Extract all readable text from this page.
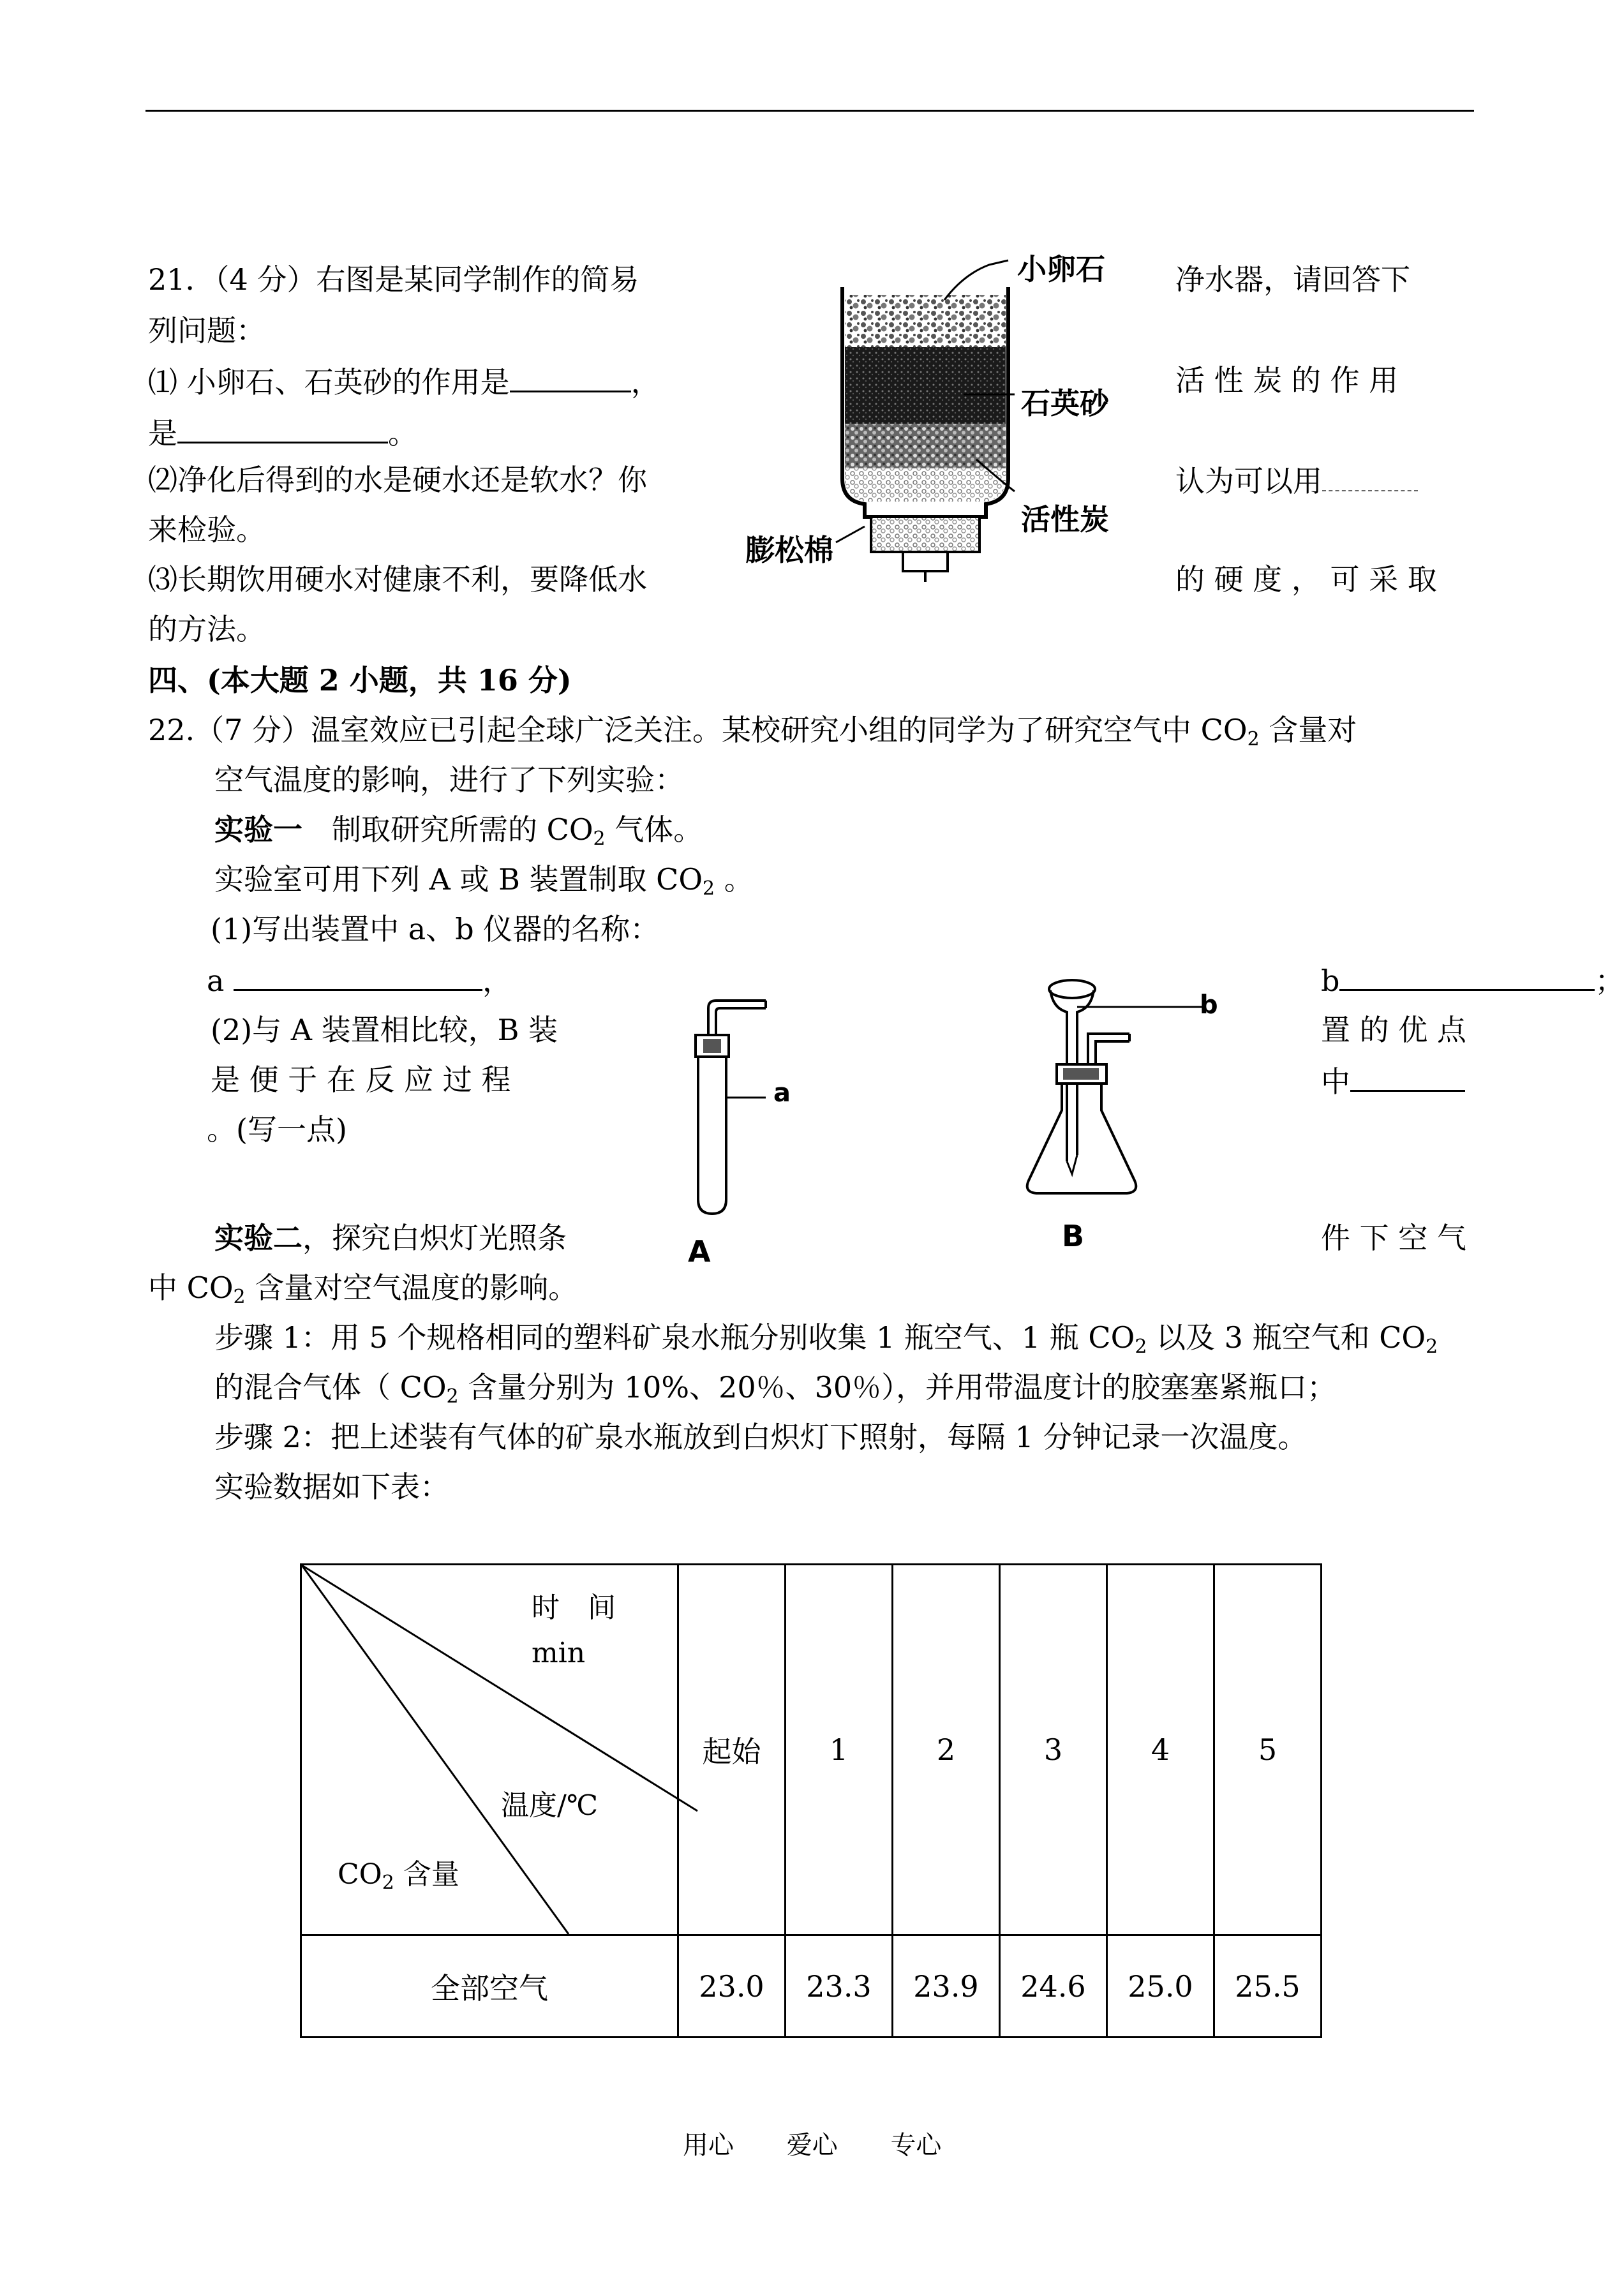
21．（4 分）右图是某同学制作的简易	净水器，请回答下
列问题：
⑴ 小卵石、石英砂的作用是	，	活 性 炭 的 作 用
是	。
⑵净化后得到的水是硬水还是软水？你	认为可以用
来检验。
⑶长期饮用硬水对健康不利，要降低水	的 硬 度 ， 可 采 取
的方法。
小卵石
石英砂
活性炭
膨松棉
四、(本大题 2 小题，共 16 分)
22.（7 分）温室效应已引起全球广泛关注。某校研究小组的同学为了研究空气中 $CO_2$ 含量对
空气温度的影响，进行了下列实验：
实验一　制取研究所需的 $CO_2$ 气体。
实验室可用下列 A 或 B 装置制取 $CO_2$ 。
(1)写出装置中 a、b 仪器的名称：
a	，	b	；
(2)与 A 装置相比较，B 装	置 的 优 点
是 便 于 在 反 应 过 程	中
。(写一点)
a
A
b
B
实验二，探究白炽灯光照条	件 下 空 气
中 $CO_2$ 含量对空气温度的影响。
步骤 1：用 5 个规格相同的塑料矿泉水瓶分别收集 1 瓶空气、1 瓶 $CO_2$ 以及 3 瓶空气和 $CO_2$
的混合气体（ $CO_2$ 含量分别为 10%、20％、30％），并用带温度计的胶塞塞紧瓶口；
步骤 2：把上述装有气体的矿泉水瓶放到白炽灯下照射，每隔 1 分钟记录一次温度。
实验数据如下表：
时　间
min
温度/℃
$CO_2$ 含量	起始	1	2	3	4	5
全部空气	23.0	23.3	23.9	24.6	25.0	25.5
用心 爱心 专心
